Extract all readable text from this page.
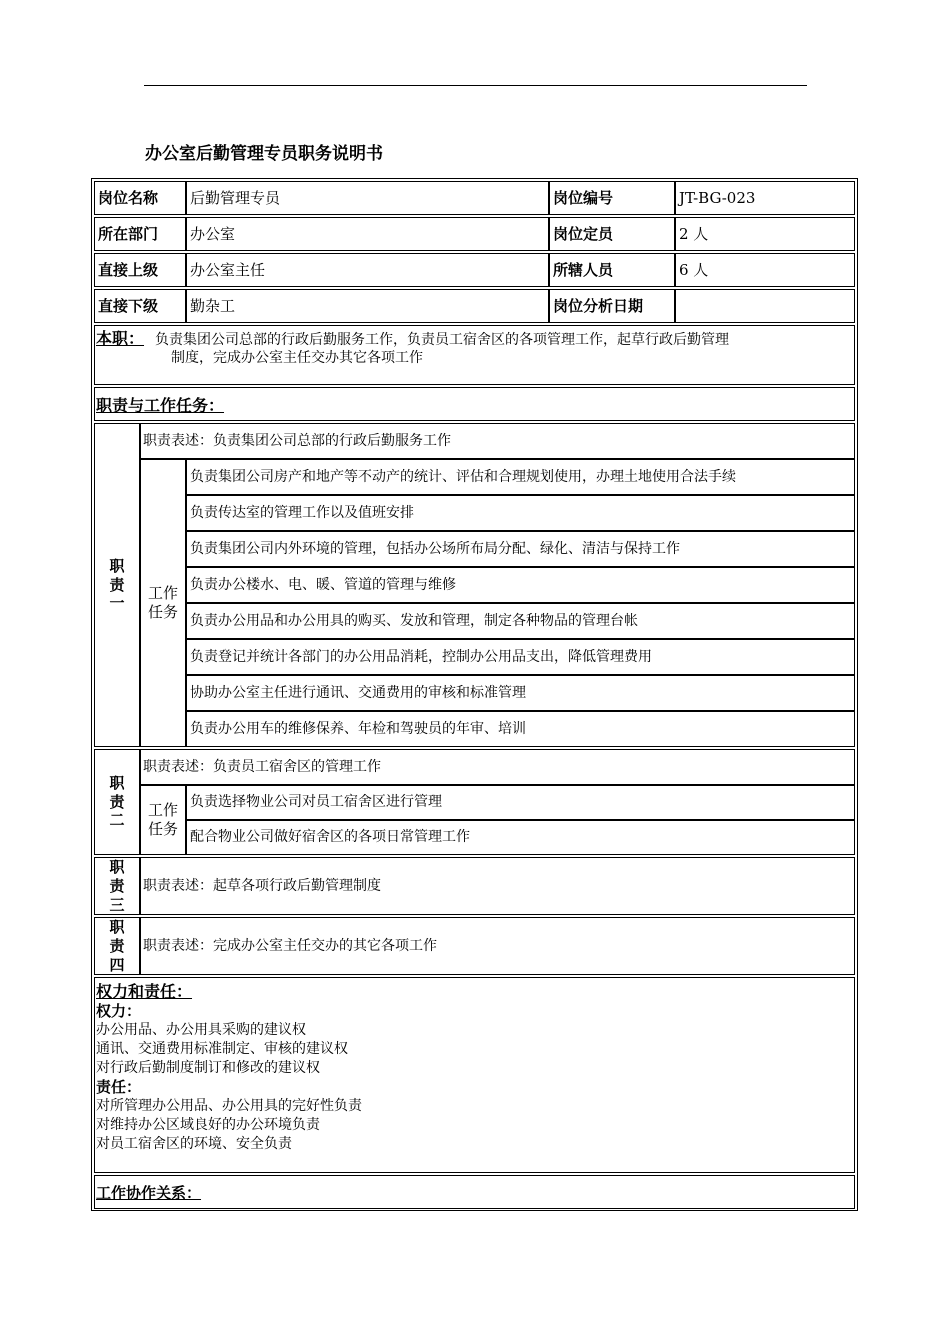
办公室后勤管理专员职务说明书
岗位名称	后勤管理专员	岗位编号	JT-BG-023
所在部门	办公室	岗位定员	2 人
直接上级	办公室主任	所辖人员	6 人
直接下级	勤杂工	岗位分析日期
本职： 负责集团公司总部的行政后勤服务工作，负责员工宿舍区的各项管理工作，起草行政后勤管理
制度，完成办公室主任交办其它各项工作
职责与工作任务：
职
责
一
职责表述：负责集团公司总部的行政后勤服务工作
工作
任务
负责集团公司房产和地产等不动产的统计、评估和合理规划使用，办理土地使用合法手续
负责传达室的管理工作以及值班安排
负责集团公司内外环境的管理，包括办公场所布局分配、绿化、清洁与保持工作
负责办公楼水、电、暖、管道的管理与维修
负责办公用品和办公用具的购买、发放和管理，制定各种物品的管理台帐
负责登记并统计各部门的办公用品消耗，控制办公用品支出，降低管理费用
协助办公室主任进行通讯、交通费用的审核和标准管理
负责办公用车的维修保养、年检和驾驶员的年审、培训
职
责
二
职责表述：负责员工宿舍区的管理工作
工作
任务
负责选择物业公司对员工宿舍区进行管理
配合物业公司做好宿舍区的各项日常管理工作
职
责
三
职责表述：起草各项行政后勤管理制度
职
责
四
职责表述：完成办公室主任交办的其它各项工作
权力和责任：
权力：
办公用品、办公用具采购的建议权
通讯、交通费用标准制定、审核的建议权
对行政后勤制度制订和修改的建议权
责任：
对所管理办公用品、办公用具的完好性负责
对维持办公区域良好的办公环境负责
对员工宿舍区的环境、安全负责
工作协作关系：
